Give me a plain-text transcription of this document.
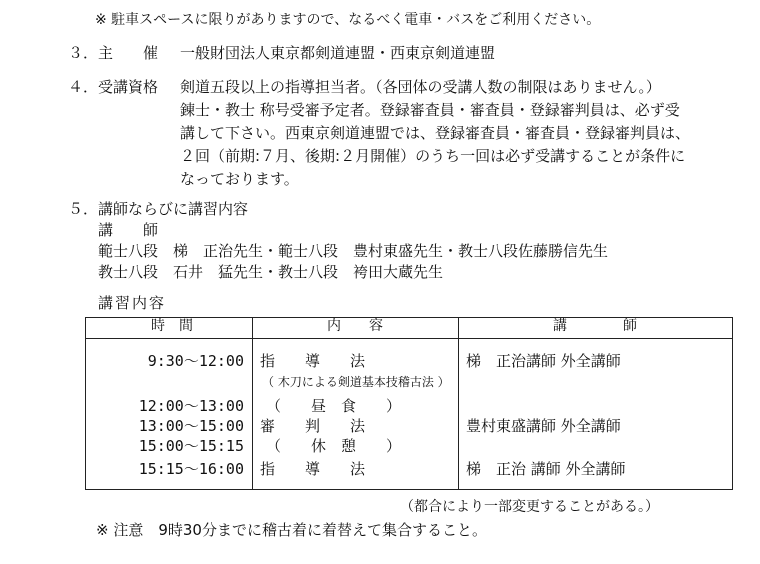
※ 駐車スペースに限りがありますので、なるべく電車・バスをご利用ください。
３． 主　　催 一般財団法人東京都剣道連盟・西東京剣道連盟
４． 受講資格 剣道五段以上の指導担当者。（各団体の受講人数の制限はありません。）
錬士・教士 称号受審予定者。登録審査員・審査員・登録審判員は、必ず受
講して下さい。西東京剣道連盟では、登録審査員・審査員・登録審判員は、
２回（前期:７月、後期:２月開催）のうち一回は必ず受講することが条件に
なっております。
５． 講師ならびに講習内容
講　　師
範士八段　梯　正治先生・範士八段　豊村東盛先生・教士八段佐藤勝信先生
教士八段　石井　猛先生・教士八段　袴田大蔵先生
講習内容
時　間	内　　容	講　　　　師
9:30～12:00 指　　導　　法	梯　正治講師 外全講師
（ 木刀による剣道基本技稽古法 ）
12:00～13:00 （　　昼　食　　）
13:00～15:00 審　　判　　法	豊村東盛講師 外全講師
15:00～15:15 （　　休　憩　　）
15:15～16:00 指　　導　　法	梯　正治 講師 外全講師
（都合により一部変更することがある。）
※ 注意　9時30分までに稽古着に着替えて集合すること。
